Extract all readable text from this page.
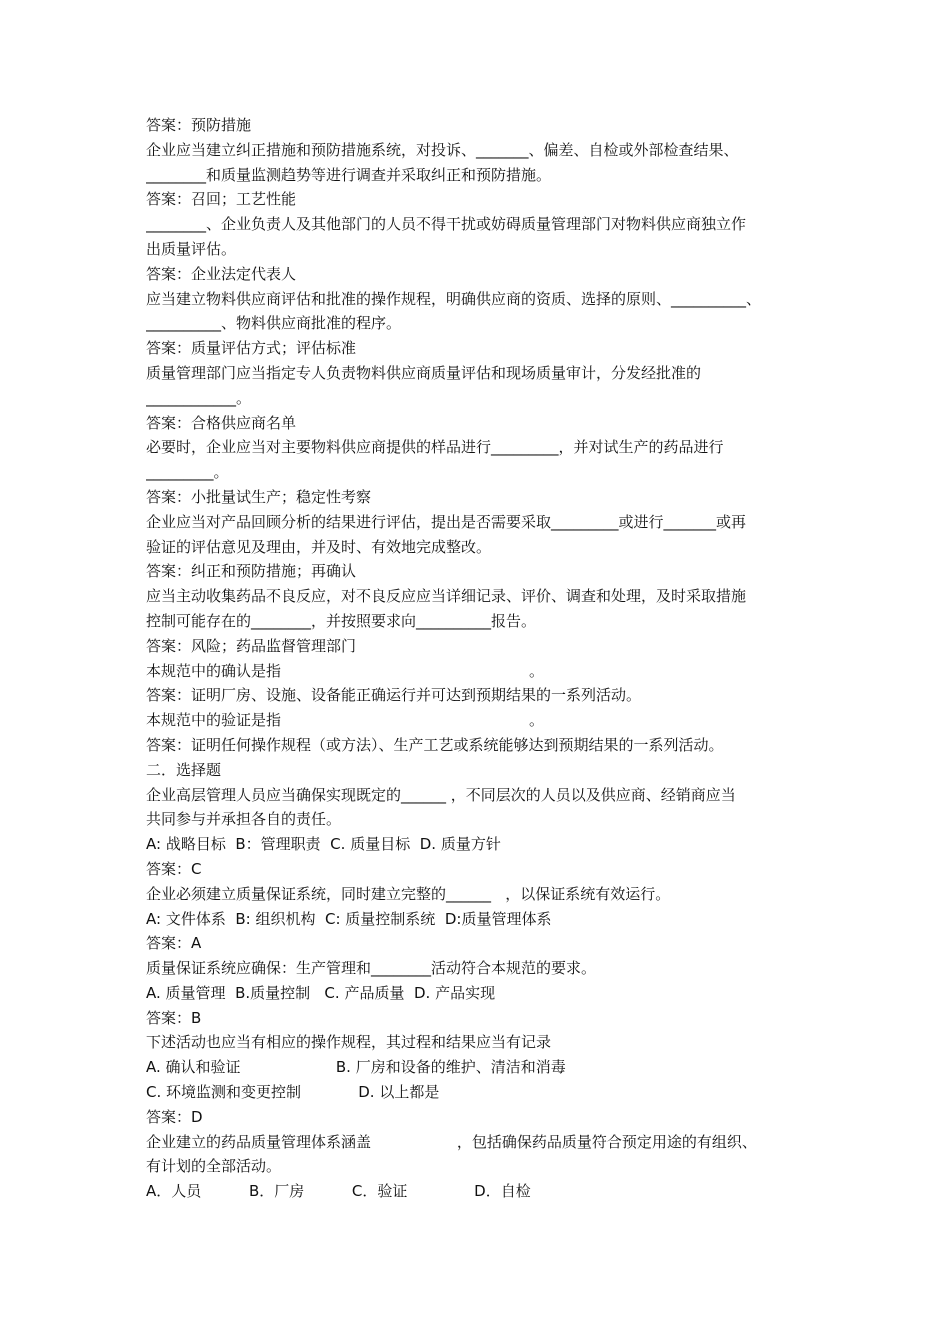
答案：预防措施
企业应当建立纠正措施和预防措施系统，对投诉、_______、偏差、自检或外部检查结果、
________和质量监测趋势等进行调查并采取纠正和预防措施。
答案：召回；工艺性能
________、企业负责人及其他部门的人员不得干扰或妨碍质量管理部门对物料供应商独立作
出质量评估。
答案：企业法定代表人
应当建立物料供应商评估和批准的操作规程，明确供应商的资质、选择的原则、__________、
__________、物料供应商批准的程序。
答案：质量评估方式；评估标准
质量管理部门应当指定专人负责物料供应商质量评估和现场质量审计，分发经批准的
____________。
答案：合格供应商名单
必要时，企业应当对主要物料供应商提供的样品进行_________，并对试生产的药品进行
_________。
答案：小批量试生产；稳定性考察
企业应当对产品回顾分析的结果进行评估，提出是否需要采取_________或进行_______或再
验证的评估意见及理由，并及时、有效地完成整改。
答案：纠正和预防措施；再确认
应当主动收集药品不良反应，对不良反应应当详细记录、评价、调查和处理，及时采取措施
控制可能存在的________，并按照要求向__________报告。
答案：风险；药品监督管理部门
本规范中的确认是指                                                    。
答案：证明厂房、设施、设备能正确运行并可达到预期结果的一系列活动。
本规范中的验证是指                                                    。
答案：证明任何操作规程（或方法）、生产工艺或系统能够达到预期结果的一系列活动。
二．选择题
企业高层管理人员应当确保实现既定的______ ，不同层次的人员以及供应商、经销商应当
共同参与并承担各自的责任。
A: 战略目标  B：管理职责  C. 质量目标  D. 质量方针
答案：C
企业必须建立质量保证系统，同时建立完整的______   ，以保证系统有效运行。
A: 文件体系  B: 组织机构  C: 质量控制系统  D:质量管理体系
答案：A
质量保证系统应确保：生产管理和________活动符合本规范的要求。
A. 质量管理  B.质量控制   C. 产品质量  D. 产品实现
答案：B
下述活动也应当有相应的操作规程，其过程和结果应当有记录
A. 确认和验证                    B. 厂房和设备的维护、清洁和消毒
C. 环境监测和变更控制            D. 以上都是
答案：D
企业建立的药品质量管理体系涵盖                  ，包括确保药品质量符合预定用途的有组织、
有计划的全部活动。
A．人员          B．厂房          C．验证              D．自检
